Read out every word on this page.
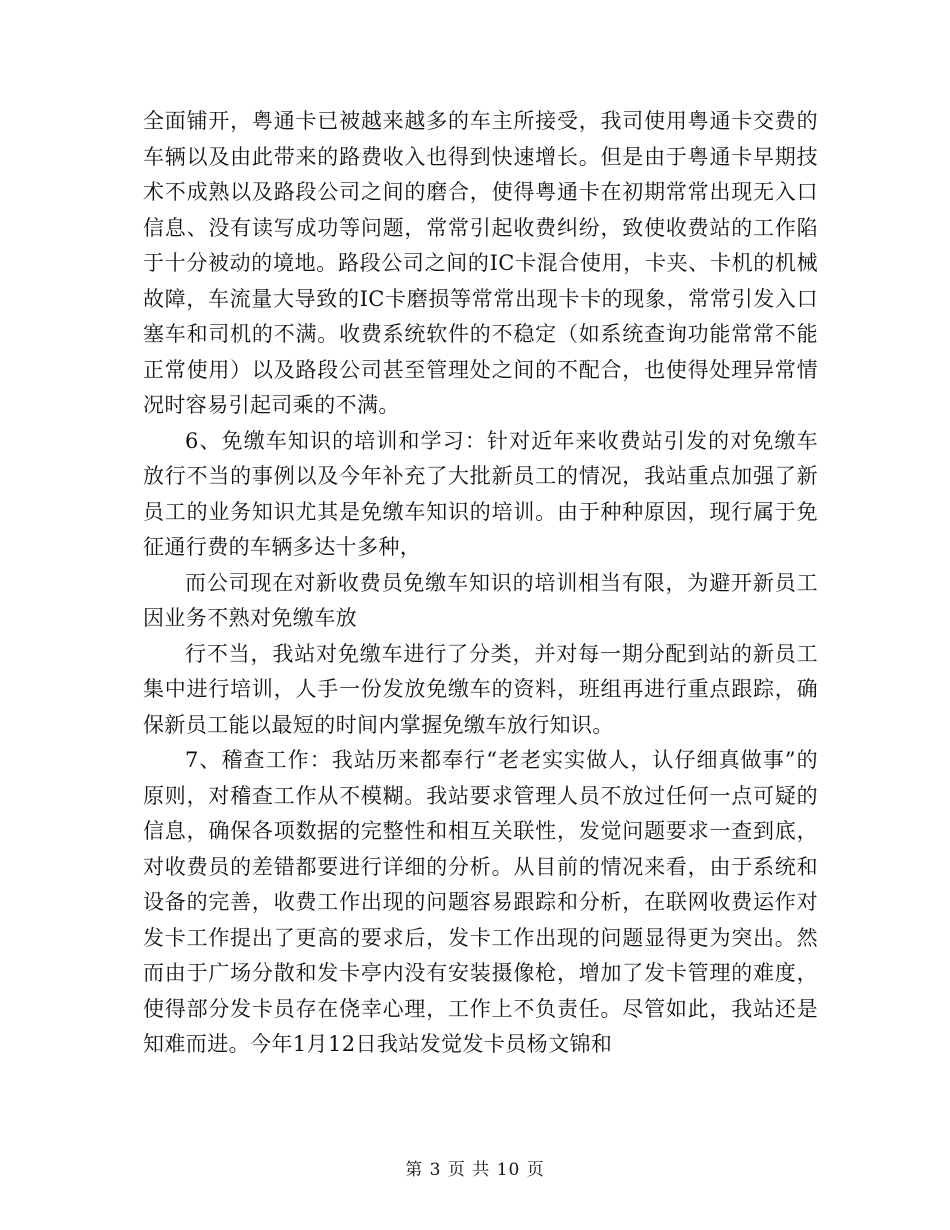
全面铺开，粤通卡已被越来越多的车主所接受，我司使用粤通卡交费的车辆以及由此带来的路费收入也得到快速增长。但是由于粤通卡早期技术不成熟以及路段公司之间的磨合，使得粤通卡在初期常常出现无入口信息、没有读写成功等问题，常常引起收费纠纷，致使收费站的工作陷于十分被动的境地。路段公司之间的IC卡混合使用，卡夹、卡机的机械故障，车流量大导致的IC卡磨损等常常出现卡卡的现象，常常引发入口塞车和司机的不满。收费系统软件的不稳定（如系统查询功能常常不能正常使用）以及路段公司甚至管理处之间的不配合，也使得处理异常情况时容易引起司乘的不满。

6、免缴车知识的培训和学习：针对近年来收费站引发的对免缴车放行不当的事例以及今年补充了大批新员工的情况，我站重点加强了新员工的业务知识尤其是免缴车知识的培训。由于种种原因，现行属于免征通行费的车辆多达十多种，

而公司现在对新收费员免缴车知识的培训相当有限，为避开新员工因业务不熟对免缴车放

行不当，我站对免缴车进行了分类，并对每一期分配到站的新员工集中进行培训，人手一份发放免缴车的资料，班组再进行重点跟踪，确保新员工能以最短的时间内掌握免缴车放行知识。

7、稽查工作：我站历来都奉行“老老实实做人，认仔细真做事”的原则，对稽查工作从不模糊。我站要求管理人员不放过任何一点可疑的信息，确保各项数据的完整性和相互关联性，发觉问题要求一查到底，对收费员的差错都要进行详细的分析。从目前的情况来看，由于系统和设备的完善，收费工作出现的问题容易跟踪和分析，在联网收费运作对发卡工作提出了更高的要求后，发卡工作出现的问题显得更为突出。然而由于广场分散和发卡亭内没有安装摄像枪，增加了发卡管理的难度，使得部分发卡员存在侥幸心理，工作上不负责任。尽管如此，我站还是知难而进。今年1月12日我站发觉发卡员杨文锦和

第 3 页 共 10 页
